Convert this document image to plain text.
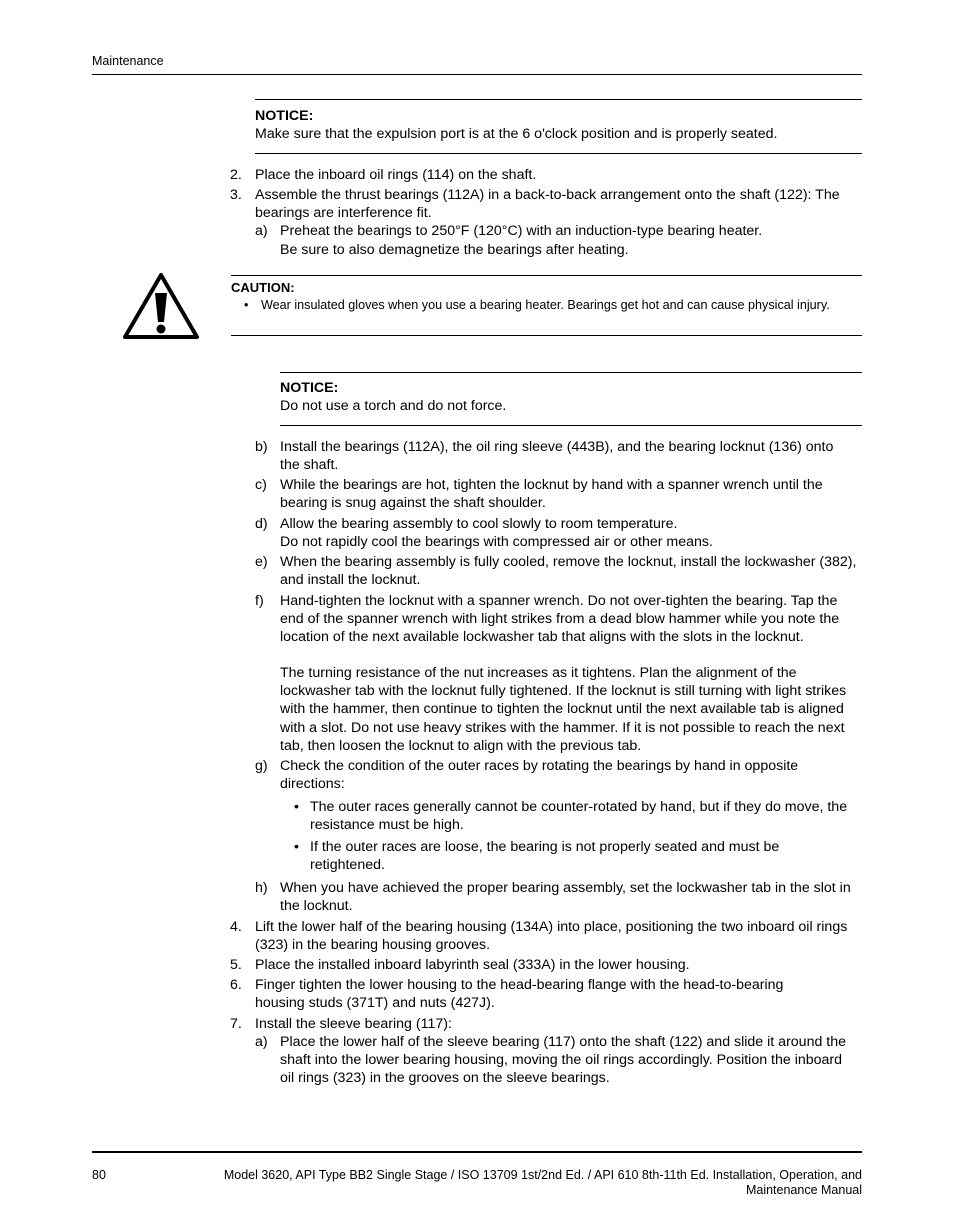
Maintenance
NOTICE:
Make sure that the expulsion port is at the 6 o'clock position and is properly seated.
2. Place the inboard oil rings (114) on the shaft.
3. Assemble the thrust bearings (112A) in a back-to-back arrangement onto the shaft (122): The bearings are interference fit.
a) Preheat the bearings to 250°F (120°C) with an induction-type bearing heater.
Be sure to also demagnetize the bearings after heating.
CAUTION:
• Wear insulated gloves when you use a bearing heater. Bearings get hot and can cause physical injury.
NOTICE:
Do not use a torch and do not force.
b) Install the bearings (112A), the oil ring sleeve (443B), and the bearing locknut (136) onto the shaft.
c) While the bearings are hot, tighten the locknut by hand with a spanner wrench until the bearing is snug against the shaft shoulder.
d) Allow the bearing assembly to cool slowly to room temperature.
Do not rapidly cool the bearings with compressed air or other means.
e) When the bearing assembly is fully cooled, remove the locknut, install the lockwasher (382), and install the locknut.
f) Hand-tighten the locknut with a spanner wrench. Do not over-tighten the bearing. Tap the end of the spanner wrench with light strikes from a dead blow hammer while you note the location of the next available lockwasher tab that aligns with the slots in the locknut.
The turning resistance of the nut increases as it tightens. Plan the alignment of the lockwasher tab with the locknut fully tightened. If the locknut is still turning with light strikes with the hammer, then continue to tighten the locknut until the next available tab is aligned with a slot. Do not use heavy strikes with the hammer. If it is not possible to reach the next tab, then loosen the locknut to align with the previous tab.
g) Check the condition of the outer races by rotating the bearings by hand in opposite directions:
• The outer races generally cannot be counter-rotated by hand, but if they do move, the resistance must be high.
• If the outer races are loose, the bearing is not properly seated and must be retightened.
h) When you have achieved the proper bearing assembly, set the lockwasher tab in the slot in the locknut.
4. Lift the lower half of the bearing housing (134A) into place, positioning the two inboard oil rings (323) in the bearing housing grooves.
5. Place the installed inboard labyrinth seal (333A) in the lower housing.
6. Finger tighten the lower housing to the head-bearing flange with the head-to-bearing housing studs (371T) and nuts (427J).
7. Install the sleeve bearing (117):
a) Place the lower half of the sleeve bearing (117) onto the shaft (122) and slide it around the shaft into the lower bearing housing, moving the oil rings accordingly. Position the inboard oil rings (323) in the grooves on the sleeve bearings.
80	Model 3620, API Type BB2 Single Stage / ISO 13709 1st/2nd Ed. / API 610 8th-11th Ed. Installation, Operation, and
Maintenance Manual
